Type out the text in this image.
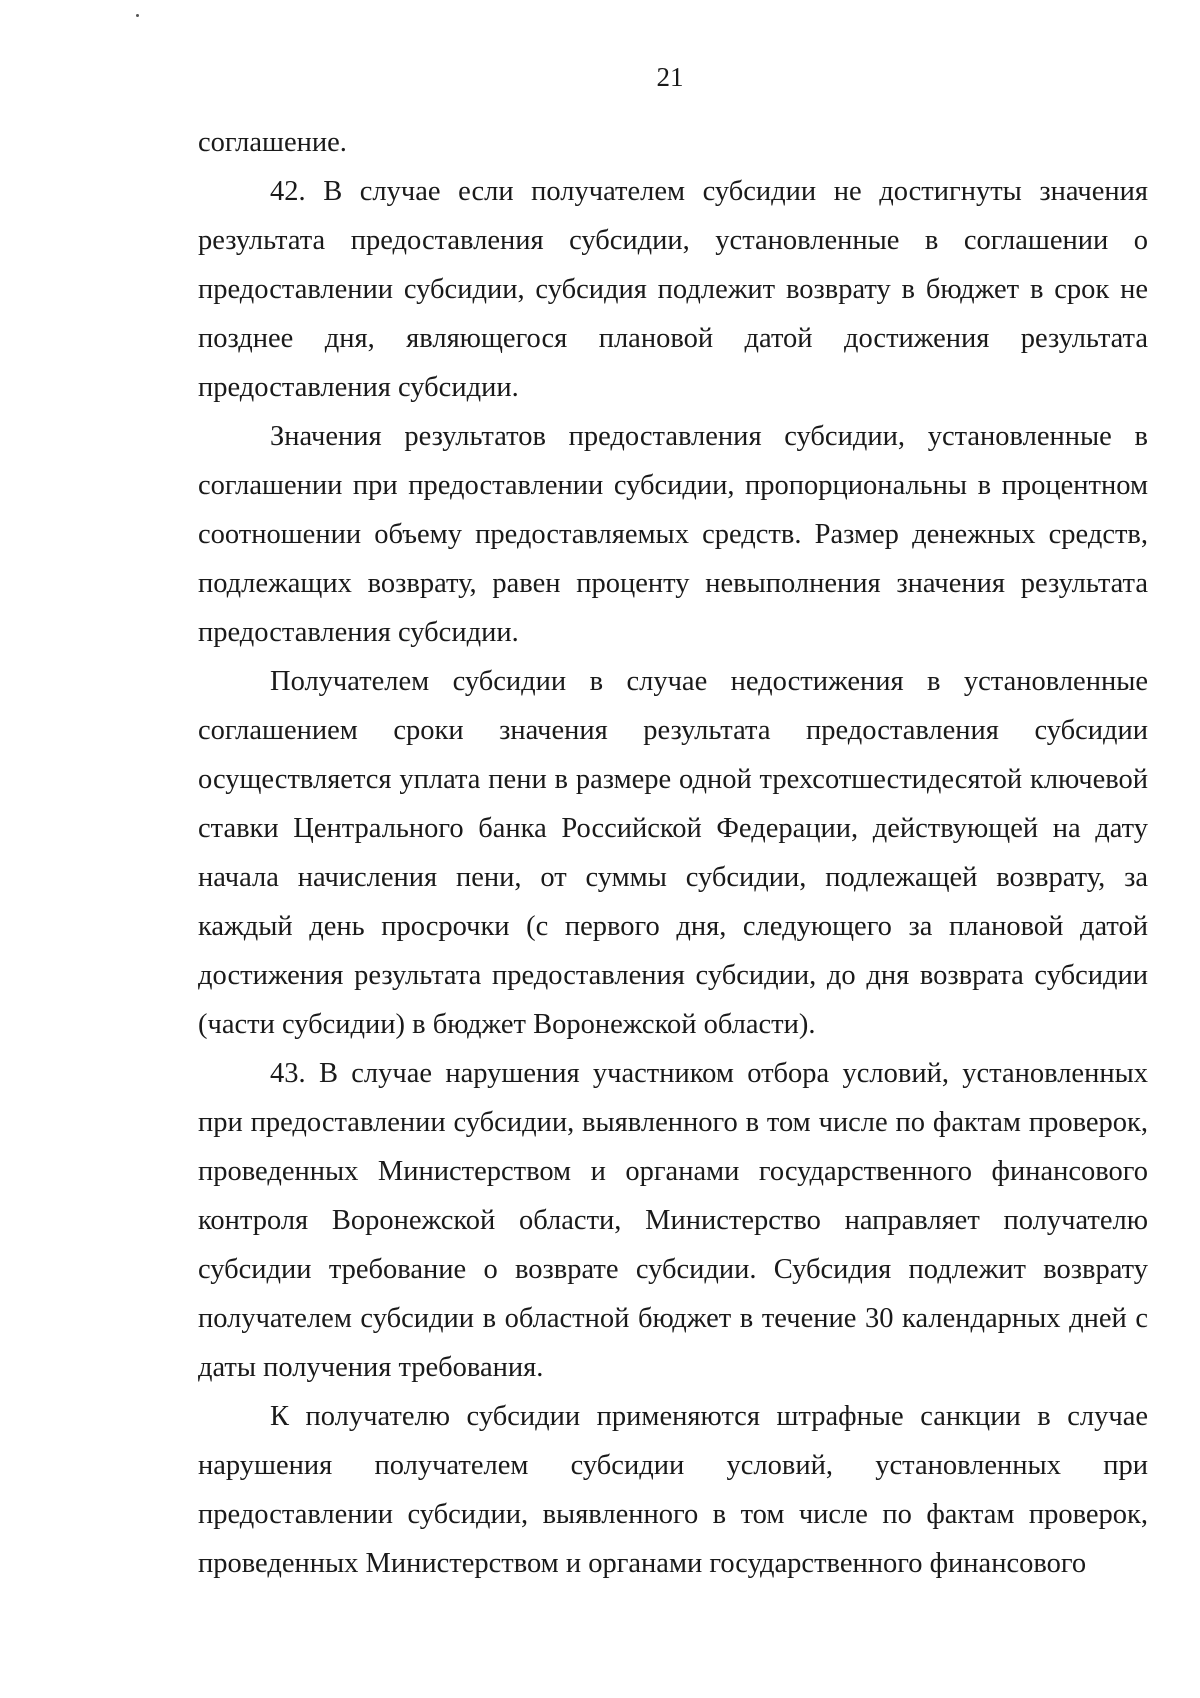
21

соглашение.

42. В случае если получателем субсидии не достигнуты значения результата предоставления субсидии, установленные в соглашении о предоставлении субсидии, субсидия подлежит возврату в бюджет в срок не позднее дня, являющегося плановой датой достижения результата предоставления субсидии.

Значения результатов предоставления субсидии, установленные в соглашении при предоставлении субсидии, пропорциональны в процентном соотношении объему предоставляемых средств. Размер денежных средств, подлежащих возврату, равен проценту невыполнения значения результата предоставления субсидии.

Получателем субсидии в случае недостижения в установленные соглашением сроки значения результата предоставления субсидии осуществляется уплата пени в размере одной трехсотшестидесятой ключевой ставки Центрального банка Российской Федерации, действующей на дату начала начисления пени, от суммы субсидии, подлежащей возврату, за каждый день просрочки (с первого дня, следующего за плановой датой достижения результата предоставления субсидии, до дня возврата субсидии (части субсидии) в бюджет Воронежской области).

43. В случае нарушения участником отбора условий, установленных при предоставлении субсидии, выявленного в том числе по фактам проверок, проведенных Министерством и органами государственного финансового контроля Воронежской области, Министерство направляет получателю субсидии требование о возврате субсидии. Субсидия подлежит возврату получателем субсидии в областной бюджет в течение 30 календарных дней с даты получения требования.

К получателю субсидии применяются штрафные санкции в случае нарушения получателем субсидии условий, установленных при предоставлении субсидии, выявленного в том числе по фактам проверок, проведенных Министерством и органами государственного финансового
